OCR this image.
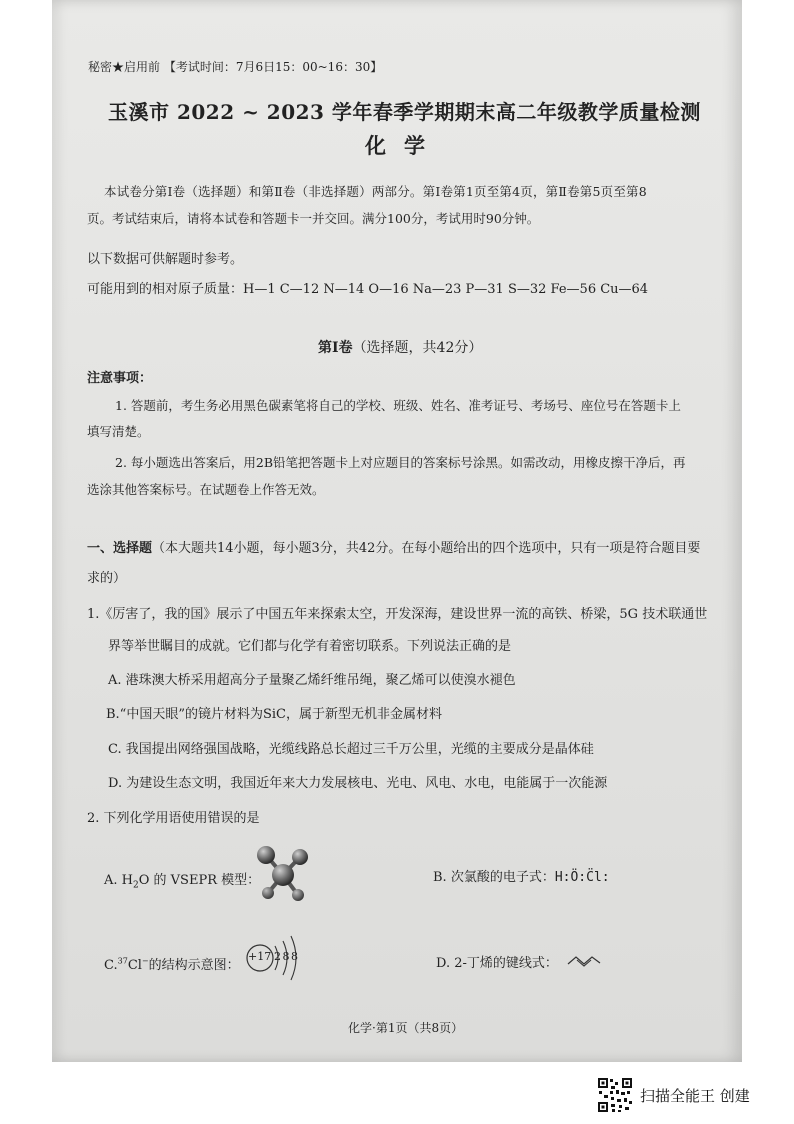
秘密★启用前 【考试时间：7月6日15：00~16：30】
玉溪市 2022 ~ 2023 学年春季学期期末高二年级教学质量检测
化学
本试卷分第Ⅰ卷（选择题）和第Ⅱ卷（非选择题）两部分。第Ⅰ卷第1页至第4页，第Ⅱ卷第5页至第8
页。考试结束后，请将本试卷和答题卡一并交回。满分100分，考试用时90分钟。
以下数据可供解题时参考。
可能用到的相对原子质量：H—1 C—12 N—14 O—16 Na—23 P—31 S—32 Fe—56 Cu—64
第Ⅰ卷（选择题，共42分）
注意事项：
1. 答题前，考生务必用黑色碳素笔将自己的学校、班级、姓名、准考证号、考场号、座位号在答题卡上
填写清楚。
2. 每小题选出答案后，用2B铅笔把答题卡上对应题目的答案标号涂黑。如需改动，用橡皮擦干净后，再
选涂其他答案标号。在试题卷上作答无效。
一、选择题（本大题共14小题，每小题3分，共42分。在每小题给出的四个选项中，只有一项是符合题目要
求的）
1.《厉害了，我的国》展示了中国五年来探索太空，开发深海，建设世界一流的高铁、桥梁，5G 技术联通世
界等举世瞩目的成就。它们都与化学有着密切联系。下列说法正确的是
A. 港珠澳大桥采用超高分子量聚乙烯纤维吊绳，聚乙烯可以使溴水褪色
B.“中国天眼”的镜片材料为SiC，属于新型无机非金属材料
C. 我国提出网络强国战略，光缆线路总长超过三千万公里，光缆的主要成分是晶体硅
D. 为建设生态文明，我国近年来大力发展核电、光电、风电、水电，电能属于一次能源
2. 下列化学用语使用错误的是
A. $H_2O$ 的 VSEPR 模型：	B. 次氯酸的电子式：H:Ö:C̈l:
C.$^{37}$Cl−的结构示意图：
+17 2 8 8	D. 2-丁烯的键线式：
化学·第1页（共8页）
扫描全能王 创建
